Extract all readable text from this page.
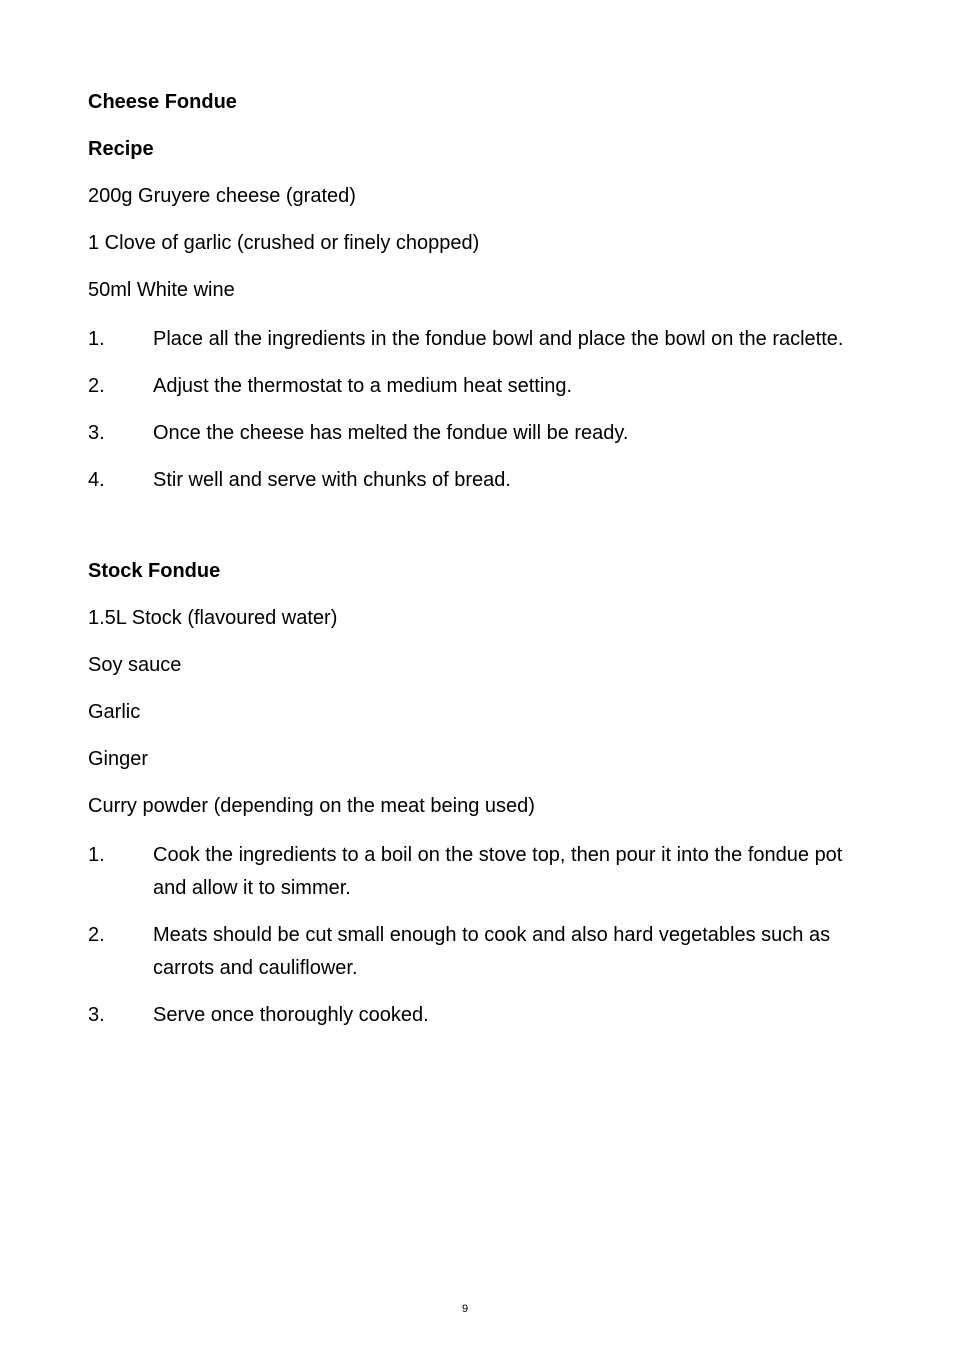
Cheese Fondue
Recipe
200g Gruyere cheese (grated)
1 Clove of garlic (crushed or finely chopped)
50ml White wine
1.	Place all the ingredients in the fondue bowl and place the bowl on the raclette.
2.	Adjust the thermostat to a medium heat setting.
3.	Once the cheese has melted the fondue will be ready.
4.	Stir well and serve with chunks of bread.
Stock Fondue
1.5L Stock (flavoured water)
Soy sauce
Garlic
Ginger
Curry powder (depending on the meat being used)
1.	Cook the ingredients to a boil on the stove top, then pour it into the fondue pot and allow it to simmer.
2.	Meats should be cut small enough to cook and also hard vegetables such as carrots and cauliflower.
3.	Serve once thoroughly cooked.
9
